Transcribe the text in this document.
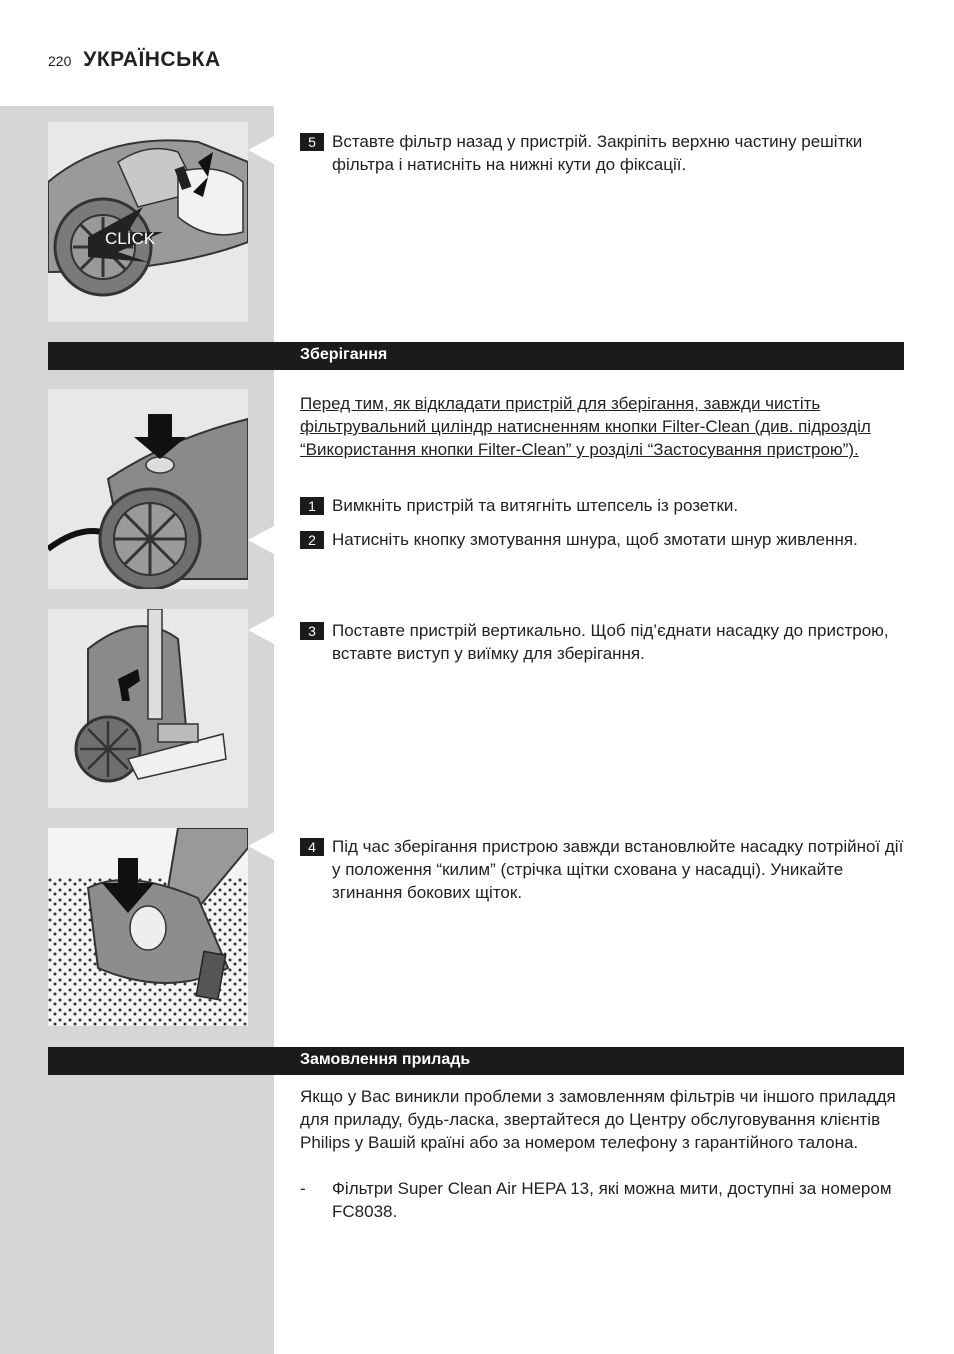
220 УКРАЇНСЬКА
CLICK
5 Вставте фільтр назад у пристрій. Закріпіть верхню частину решітки фільтра і натисніть на нижні кути до фіксації.
Зберігання
Перед тим, як відкладати пристрій для зберігання, завжди чистіть фільтрувальний циліндр натисненням кнопки Filter-Clean (див. підрозділ “Використання кнопки Filter-Clean” у розділі “Застосування пристрою”).
1 Вимкніть пристрій та витягніть штепсель із розетки.
2 Натисніть кнопку змотування шнура, щоб змотати шнур живлення.
3 Поставте пристрій вертикально. Щоб під’єднати насадку до пристрою, вставте виступ у виїмку для зберігання.
4 Під час зберігання пристрою завжди встановлюйте насадку потрійної дії у положення “килим” (стрічка щітки схована у насадці). Уникайте згинання бокових щіток.
Замовлення приладь
Якщо у Вас виникли проблеми з замовленням фільтрів чи іншого приладдя для приладу, будь-ласка, звертайтеся до Центру обслуговування клієнтів Philips у Вашій країні або за номером телефону з гарантійного талона.
- Фільтри Super Clean Air HEPA 13, які можна мити, доступні за номером FC8038.
